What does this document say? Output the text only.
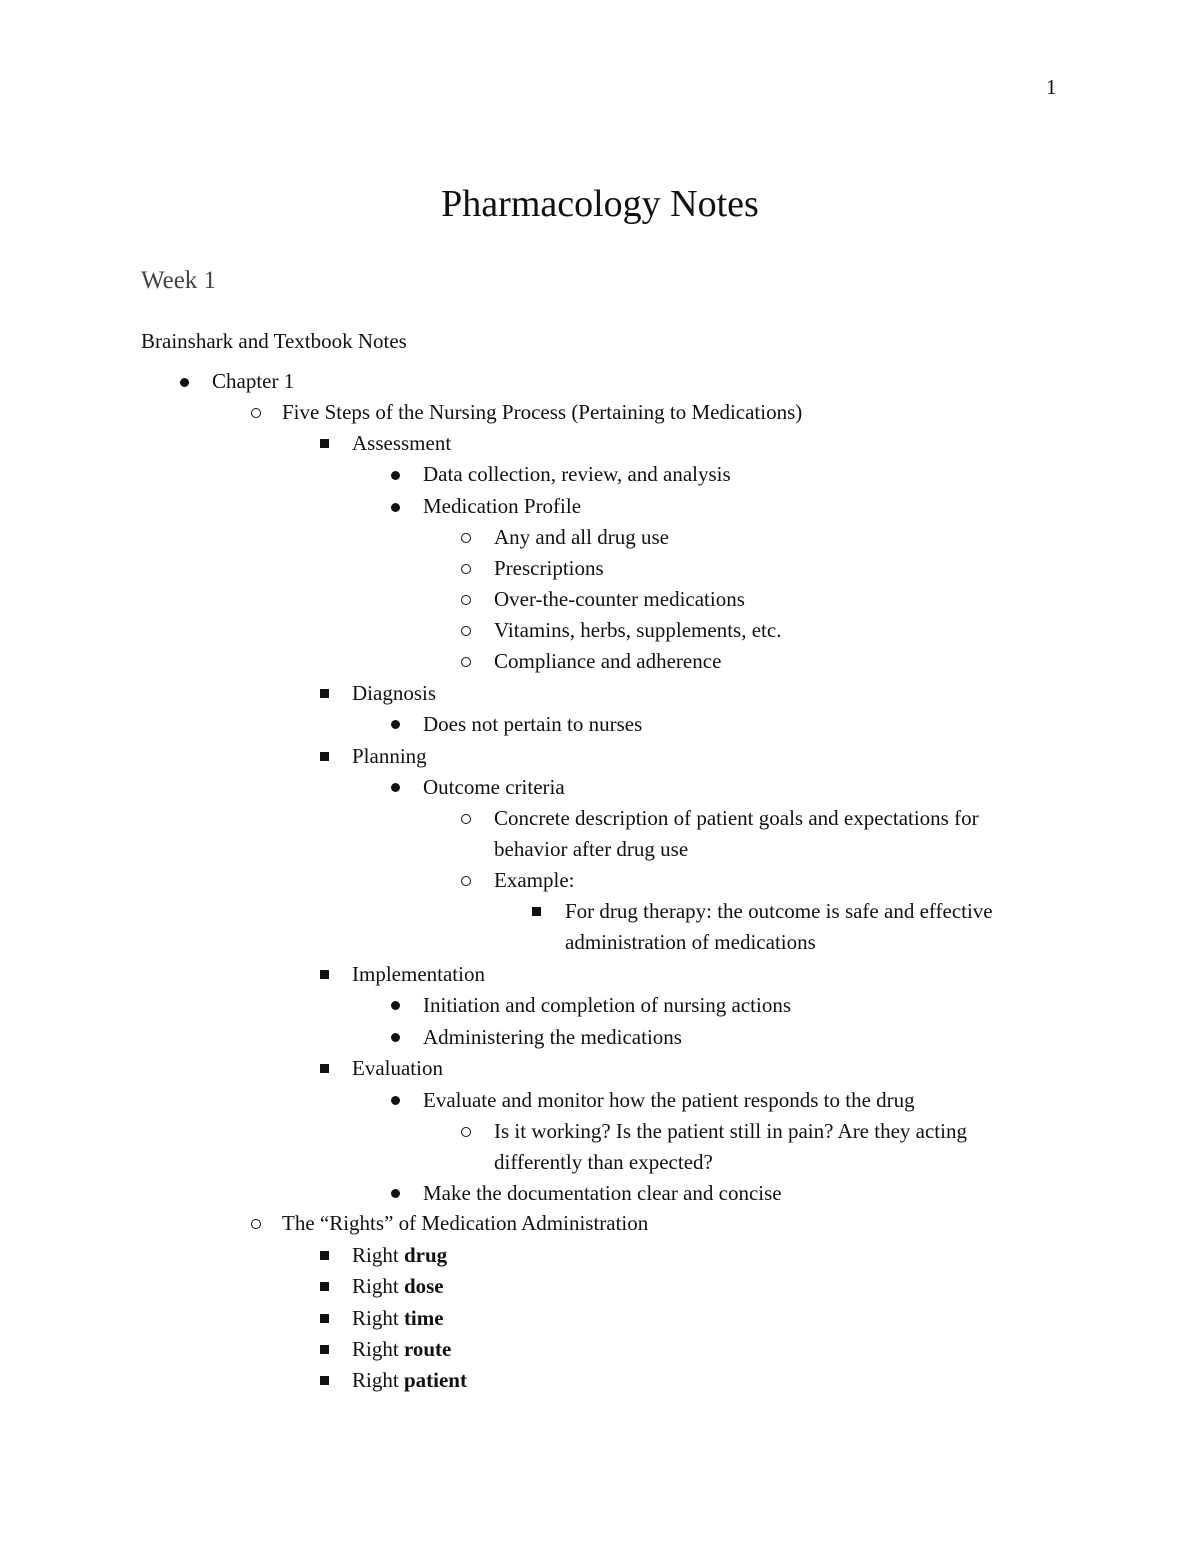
1
Pharmacology Notes
Week 1
Brainshark and Textbook Notes
Chapter 1
Five Steps of the Nursing Process (Pertaining to Medications)
Assessment
Data collection, review, and analysis
Medication Profile
Any and all drug use
Prescriptions
Over-the-counter medications
Vitamins, herbs, supplements, etc.
Compliance and adherence
Diagnosis
Does not pertain to nurses
Planning
Outcome criteria
Concrete description of patient goals and expectations for
behavior after drug use
Example:
For drug therapy: the outcome is safe and effective
administration of medications
Implementation
Initiation and completion of nursing actions
Administering the medications
Evaluation
Evaluate and monitor how the patient responds to the drug
Is it working? Is the patient still in pain? Are they acting
differently than expected?
Make the documentation clear and concise
The “Rights” of Medication Administration
Right drug
Right dose
Right time
Right route
Right patient
